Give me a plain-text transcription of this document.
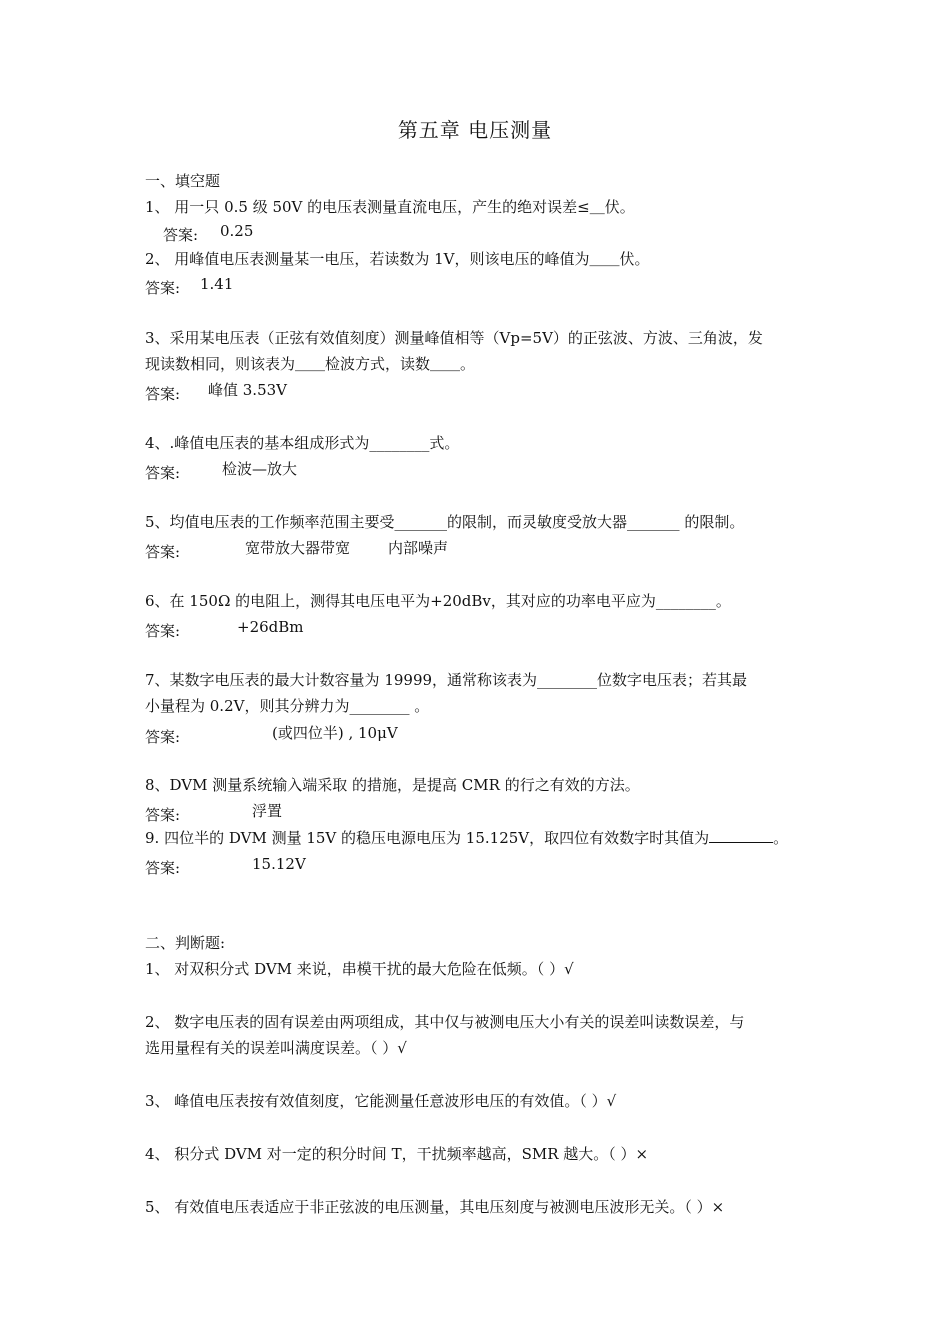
第五章 电压测量
一、填空题
1、 用一只 0.5 级 50V 的电压表测量直流电压，产生的绝对误差≤＿伏。
答案: 0.25
2、 用峰值电压表测量某一电压，若读数为 1V，则该电压的峰值为＿＿伏。
答案: 1.41
3、采用某电压表（正弦有效值刻度）测量峰值相等（Vp=5V）的正弦波、方波、三角波，发
现读数相同，则该表为＿＿检波方式，读数＿＿。
答案: 峰值 3.53V
4、.峰值电压表的基本组成形式为________式。
答案:	检波—放大
5、均值电压表的工作频率范围主要受_______的限制，而灵敏度受放大器_______ 的限制。
答案:	宽带放大器带宽	内部噪声
6、在 150Ω 的电阻上，测得其电压电平为+20dBv，其对应的功率电平应为________。
答案:	+26dBm
7、某数字电压表的最大计数容量为 19999，通常称该表为________位数字电压表；若其最
小量程为 0.2V，则其分辨力为________ 。
答案:	(或四位半) , 10μV
8、DVM 测量系统输入端采取 的措施，是提高 CMR 的行之有效的方法。
答案:	浮置
9. 四位半的 DVM 测量 15V 的稳压电源电压为 15.125V，取四位有效数字时其值为	。
答案:	15.12V
二、判断题:
1、 对双积分式 DVM 来说，串模干扰的最大危险在低频。（ ）√
2、 数字电压表的固有误差由两项组成，其中仅与被测电压大小有关的误差叫读数误差，与
选用量程有关的误差叫满度误差。（ ）√
3、 峰值电压表按有效值刻度，它能测量任意波形电压的有效值。（ ）√
4、 积分式 DVM 对一定的积分时间 T，干扰频率越高，SMR 越大。（ ）×
5、 有效值电压表适应于非正弦波的电压测量，其电压刻度与被测电压波形无关。（ ）×
